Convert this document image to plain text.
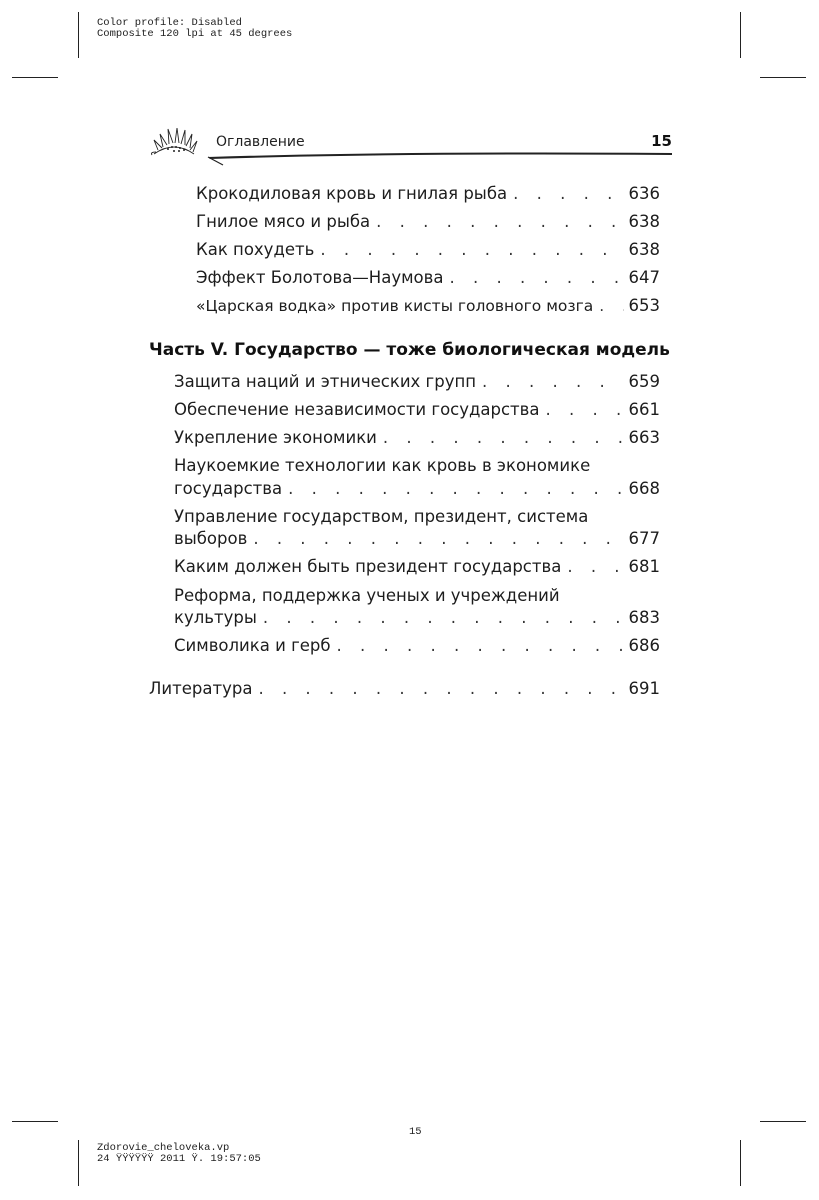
Color profile: Disabled
Composite 120 lpi at 45 degrees
Оглавление	15
Крокодиловая кровь и гнилая рыба . . .	636
Гнилое мясо и рыба . . .	638
Как похудеть . . .	638
Эффект Болотова—Наумова . . .	647
«Царская водка» против кисты головного мозга . . . 653
Часть V. Государство — тоже биологическая модель
Защита наций и этнических групп . . .	659
Обеспечение независимости государства . . .	661
Укрепление экономики . . .	663
Наукоемкие технологии как кровь в экономике
государства . . .	668
Управление государством, президент, система
выборов . . .	677
Каким должен быть президент государства . . .	681
Реформа, поддержка ученых и учреждений
культуры . . .	683
Символика и герб . . .	686
Литература . . .	691
15
Zdorovie_cheloveka.vp
24 ŸŸŸŸŸŸ 2011 Ÿ. 19:57:05
